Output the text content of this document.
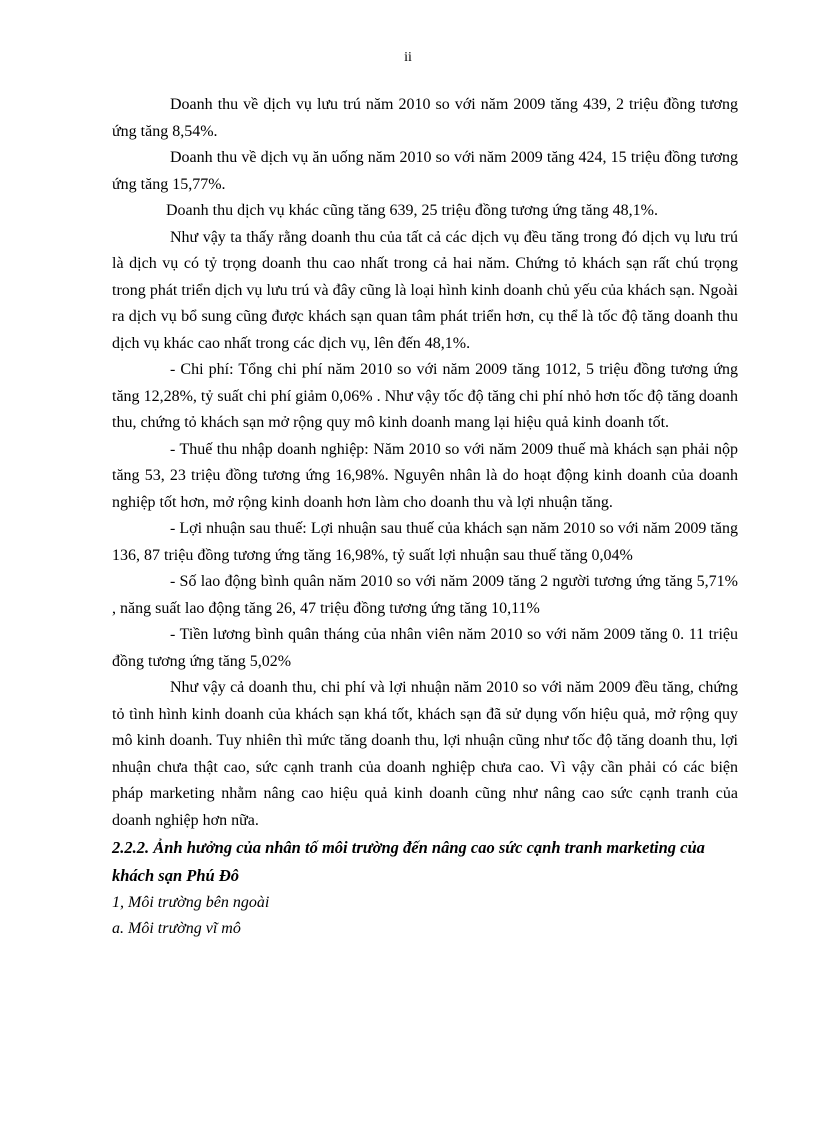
ii

Doanh thu về dịch vụ lưu trú năm 2010 so với năm 2009 tăng 439, 2 triệu đồng tương ứng tăng 8,54%.

Doanh thu về dịch vụ ăn uống năm 2010 so với năm 2009 tăng 424, 15 triệu đồng tương ứng tăng 15,77%.

Doanh thu dịch vụ khác cũng tăng 639, 25 triệu đồng tương ứng tăng 48,1%.

Như vậy ta thấy rằng doanh thu của tất cả các dịch vụ đều tăng trong đó dịch vụ lưu trú là dịch vụ có tỷ trọng doanh thu cao nhất trong cả hai năm. Chứng tỏ khách sạn rất chú trọng trong phát triển dịch vụ lưu trú và đây cũng là loại hình kinh doanh chủ yếu của khách sạn. Ngoài ra dịch vụ bổ sung cũng được khách sạn quan tâm phát triển hơn, cụ thể là tốc độ tăng doanh thu dịch vụ khác cao nhất trong các dịch vụ, lên đến 48,1%.

- Chi phí: Tổng chi phí năm 2010 so với năm 2009 tăng 1012, 5 triệu đồng tương ứng tăng 12,28%, tỷ suất chi phí giảm 0,06% . Như vậy tốc độ tăng chi phí nhỏ hơn tốc độ tăng doanh thu, chứng tỏ khách sạn mở rộng quy mô kinh doanh mang lại hiệu quả kinh doanh tốt.

- Thuế thu nhập doanh nghiệp: Năm 2010 so với năm 2009 thuế mà khách sạn phải nộp tăng 53, 23 triệu đồng tương ứng 16,98%. Nguyên nhân là do hoạt động kinh doanh của doanh nghiệp tốt hơn, mở rộng kinh doanh hơn làm cho doanh thu và lợi nhuận tăng.

- Lợi nhuận sau thuế: Lợi nhuận sau thuế của khách sạn năm 2010 so với năm 2009 tăng 136, 87 triệu đồng tương ứng tăng 16,98%, tỷ suất lợi nhuận sau thuế tăng 0,04%

- Số lao động bình quân năm 2010 so với năm 2009 tăng 2 người tương ứng tăng 5,71% , năng suất lao động tăng 26, 47 triệu đồng tương ứng tăng 10,11%

- Tiền lương bình quân tháng của nhân viên năm 2010 so với năm 2009 tăng 0. 11 triệu đồng tương ứng tăng 5,02%

Như vậy cả doanh thu, chi phí và lợi nhuận năm 2010 so với năm 2009 đều tăng, chứng tỏ tình hình kinh doanh của khách sạn khá tốt, khách sạn đã sử dụng vốn hiệu quả, mở rộng quy mô kinh doanh. Tuy nhiên thì mức tăng doanh thu, lợi nhuận cũng như tốc độ tăng doanh thu, lợi nhuận chưa thật cao, sức cạnh tranh của doanh nghiệp chưa cao. Vì vậy cần phải có các biện pháp marketing nhằm nâng cao hiệu quả kinh doanh cũng như nâng cao sức cạnh tranh của doanh nghiệp hơn nữa.

2.2.2. Ảnh hưởng của nhân tố môi trường đến nâng cao sức cạnh tranh marketing của khách sạn Phú Đô

1, Môi trường bên ngoài

a. Môi trường vĩ mô
